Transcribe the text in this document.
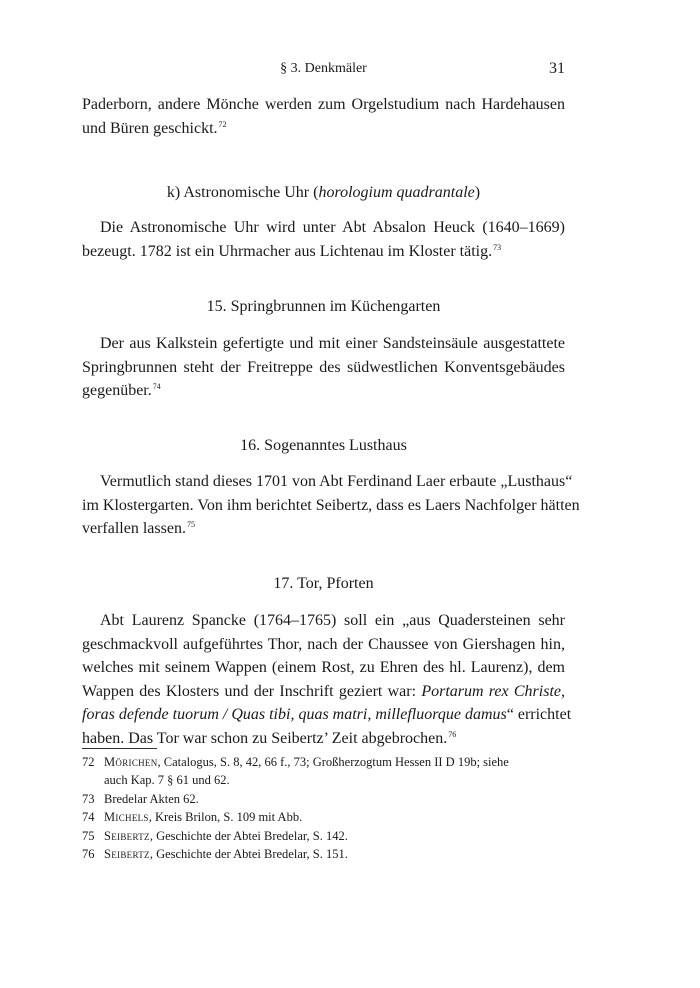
§ 3. Denkmäler	31
Paderborn, andere Mönche werden zum Orgelstudium nach Hardehausen
und Büren geschickt.$^{72}$
k) Astronomische Uhr (horologium quadrantale)
Die Astronomische Uhr wird unter Abt Absalon Heuck (1640–1669)
bezeugt. 1782 ist ein Uhrmacher aus Lichtenau im Kloster tätig.$^{73}$
15. Springbrunnen im Küchengarten
Der aus Kalkstein gefertigte und mit einer Sandsteinsäule ausgestattete
Springbrunnen steht der Freitreppe des südwestlichen Konventsgebäudes
gegenüber.$^{74}$
16. Sogenanntes Lusthaus
Vermutlich stand dieses 1701 von Abt Ferdinand Laer erbaute „Lusthaus“
im Klostergarten. Von ihm berichtet Seibertz, dass es Laers Nachfolger hätten
verfallen lassen.$^{75}$
17. Tor, Pforten
Abt Laurenz Spancke (1764–1765) soll ein „aus Quadersteinen sehr
geschmackvoll aufgeführtes Thor, nach der Chaussee von Giershagen hin,
welches mit seinem Wappen (einem Rost, zu Ehren des hl. Laurenz), dem
Wappen des Klosters und der Inschrift geziert war: Portarum rex Christe,
foras defende tuorum / Quas tibi, quas matri, millefluorque damus“ errichtet
haben. Das Tor war schon zu Seibertz’ Zeit abgebrochen.$^{76}$
72 Mörichen, Catalogus, S. 8, 42, 66 f., 73; Großherzogtum Hessen II D 19b; siehe
auch Kap. 7 § 61 und 62.
73 Bredelar Akten 62.
74 Michels, Kreis Brilon, S. 109 mit Abb.
75 Seibertz, Geschichte der Abtei Bredelar, S. 142.
76 Seibertz, Geschichte der Abtei Bredelar, S. 151.
